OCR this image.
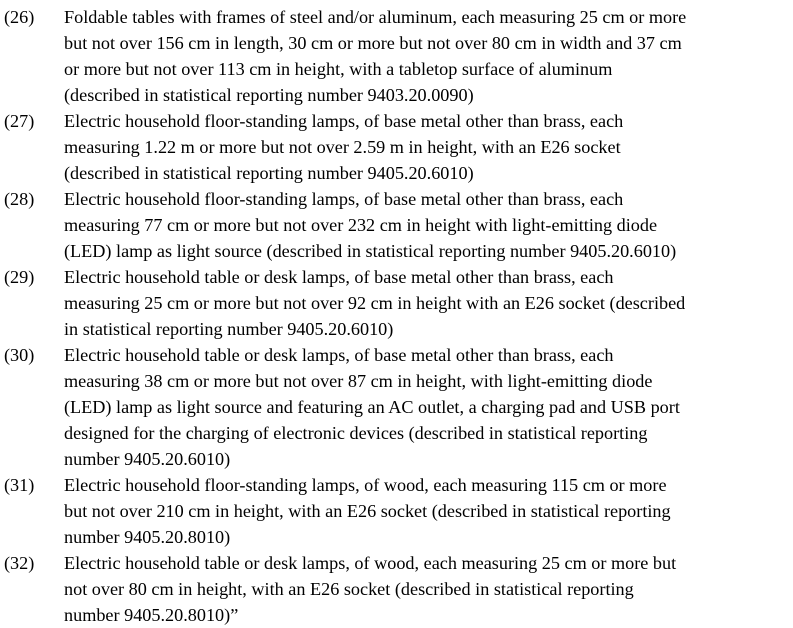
(26)	Foldable tables with frames of steel and/or aluminum, each measuring 25 cm or more
but not over 156 cm in length, 30 cm or more but not over 80 cm in width and 37 cm
or more but not over 113 cm in height, with a tabletop surface of aluminum
(described in statistical reporting number 9403.20.0090)
(27)	Electric household floor-standing lamps, of base metal other than brass, each
measuring 1.22 m or more but not over 2.59 m in height, with an E26 socket
(described in statistical reporting number 9405.20.6010)
(28)	Electric household floor-standing lamps, of base metal other than brass, each
measuring 77 cm or more but not over 232 cm in height with light-emitting diode
(LED) lamp as light source (described in statistical reporting number 9405.20.6010)
(29)	Electric household table or desk lamps, of base metal other than brass, each
measuring 25 cm or more but not over 92 cm in height with an E26 socket (described
in statistical reporting number 9405.20.6010)
(30)	Electric household table or desk lamps, of base metal other than brass, each
measuring 38 cm or more but not over 87 cm in height, with light-emitting diode
(LED) lamp as light source and featuring an AC outlet, a charging pad and USB port
designed for the charging of electronic devices (described in statistical reporting
number 9405.20.6010)
(31)	Electric household floor-standing lamps, of wood, each measuring 115 cm or more
but not over 210 cm in height, with an E26 socket (described in statistical reporting
number 9405.20.8010)
(32)	Electric household table or desk lamps, of wood, each measuring 25 cm or more but
not over 80 cm in height, with an E26 socket (described in statistical reporting
number 9405.20.8010)”
